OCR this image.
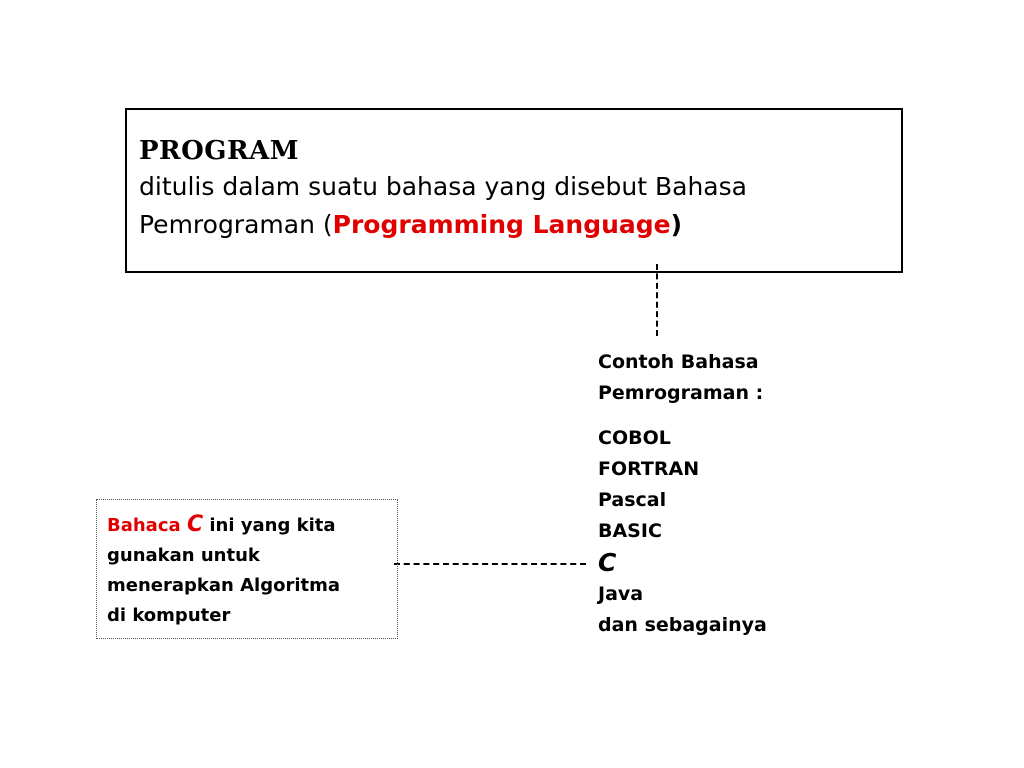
PROGRAM
ditulis dalam suatu bahasa yang disebut Bahasa
Pemrograman (Programming Language)
Contoh Bahasa
Pemrograman :
COBOL
FORTRAN
Pascal
BASIC
C
Java
dan sebagainya
Bahaca C ini yang kita
gunakan untuk
menerapkan Algoritma
di komputer
